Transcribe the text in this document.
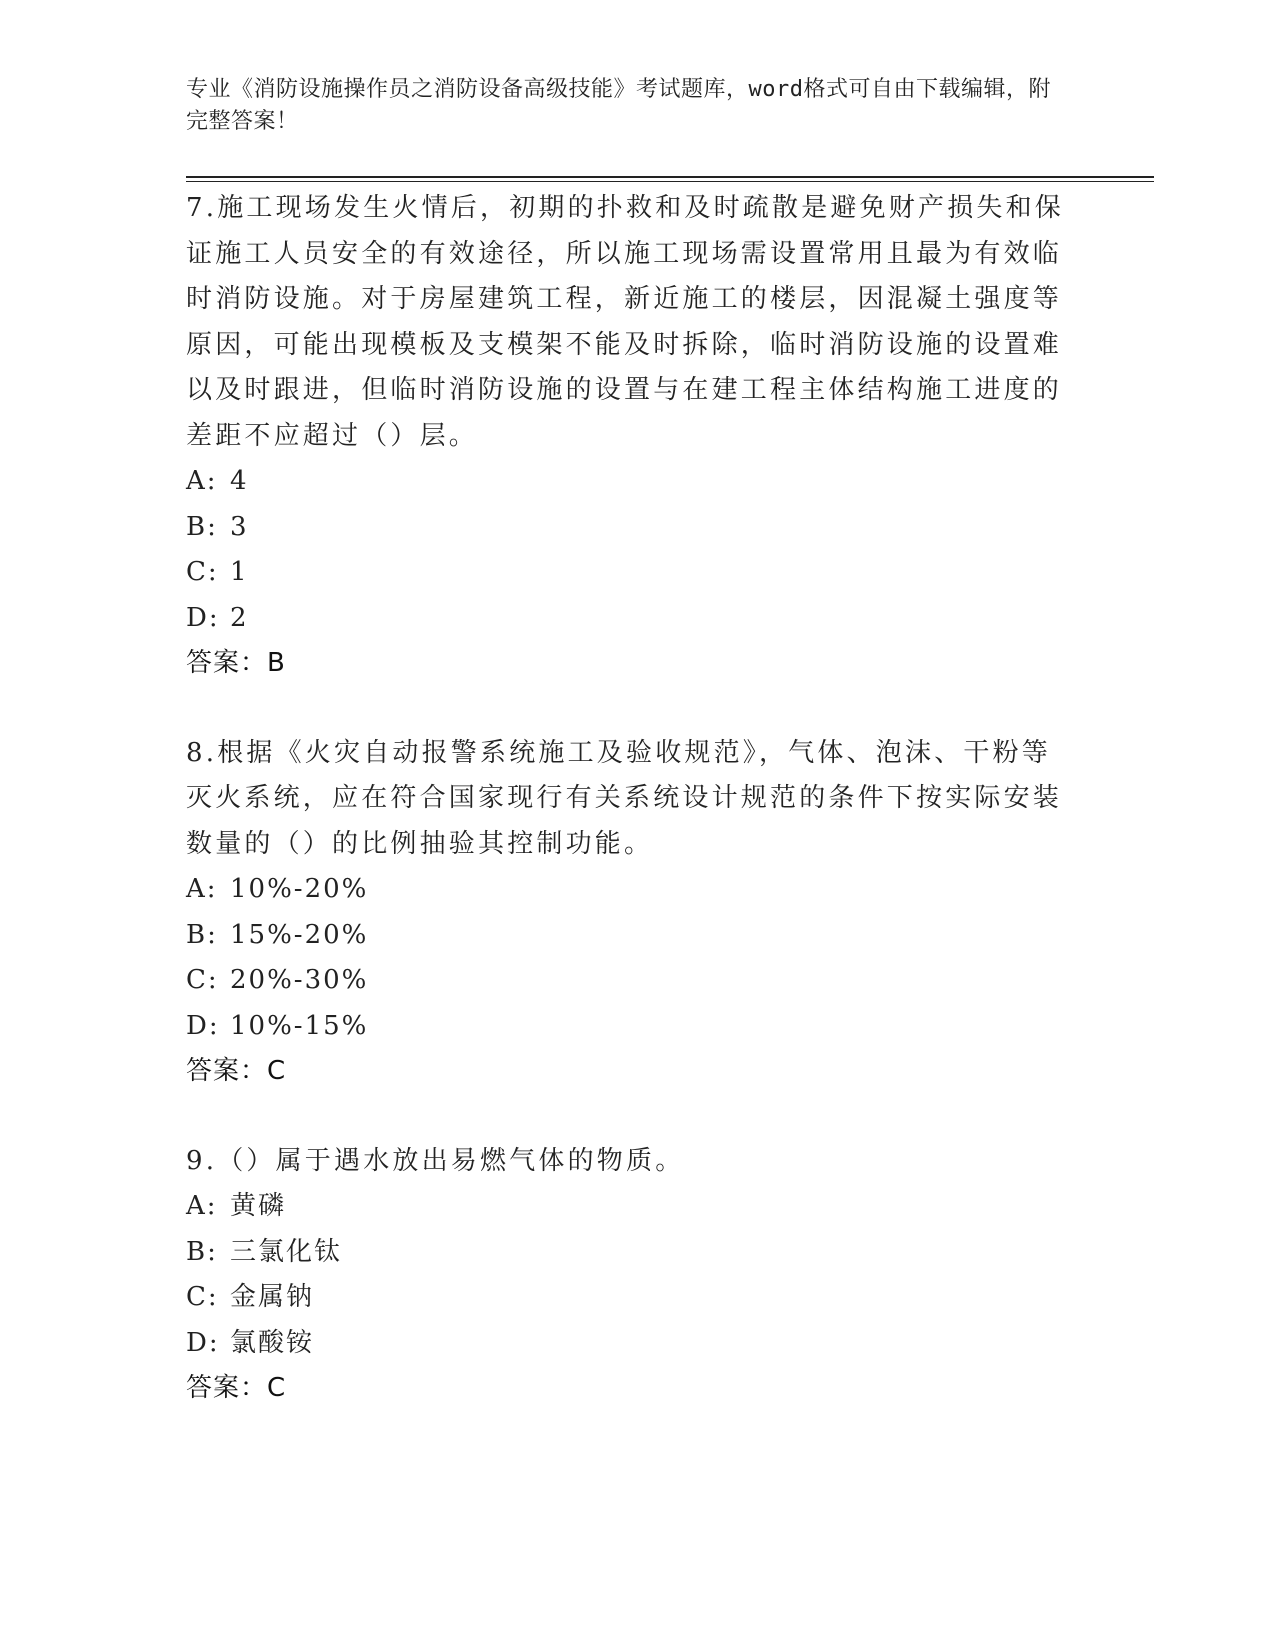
专业《消防设施操作员之消防设备高级技能》考试题库，word格式可自由下载编辑，附完整答案！

7.施工现场发生火情后，初期的扑救和及时疏散是避免财产损失和保证施工人员安全的有效途径，所以施工现场需设置常用且最为有效临时消防设施。对于房屋建筑工程，新近施工的楼层，因混凝土强度等原因，可能出现模板及支模架不能及时拆除，临时消防设施的设置难以及时跟进，但临时消防设施的设置与在建工程主体结构施工进度的差距不应超过（）层。

A: 4
B: 3
C: 1
D: 2
答案：B

8.根据《火灾自动报警系统施工及验收规范》，气体、泡沫、干粉等灭火系统，应在符合国家现行有关系统设计规范的条件下按实际安装数量的（）的比例抽验其控制功能。

A: 10%-20%
B: 15%-20%
C: 20%-30%
D: 10%-15%
答案：C

9.（）属于遇水放出易燃气体的物质。

A: 黄磷
B: 三氯化钛
C: 金属钠
D: 氯酸铵
答案：C
